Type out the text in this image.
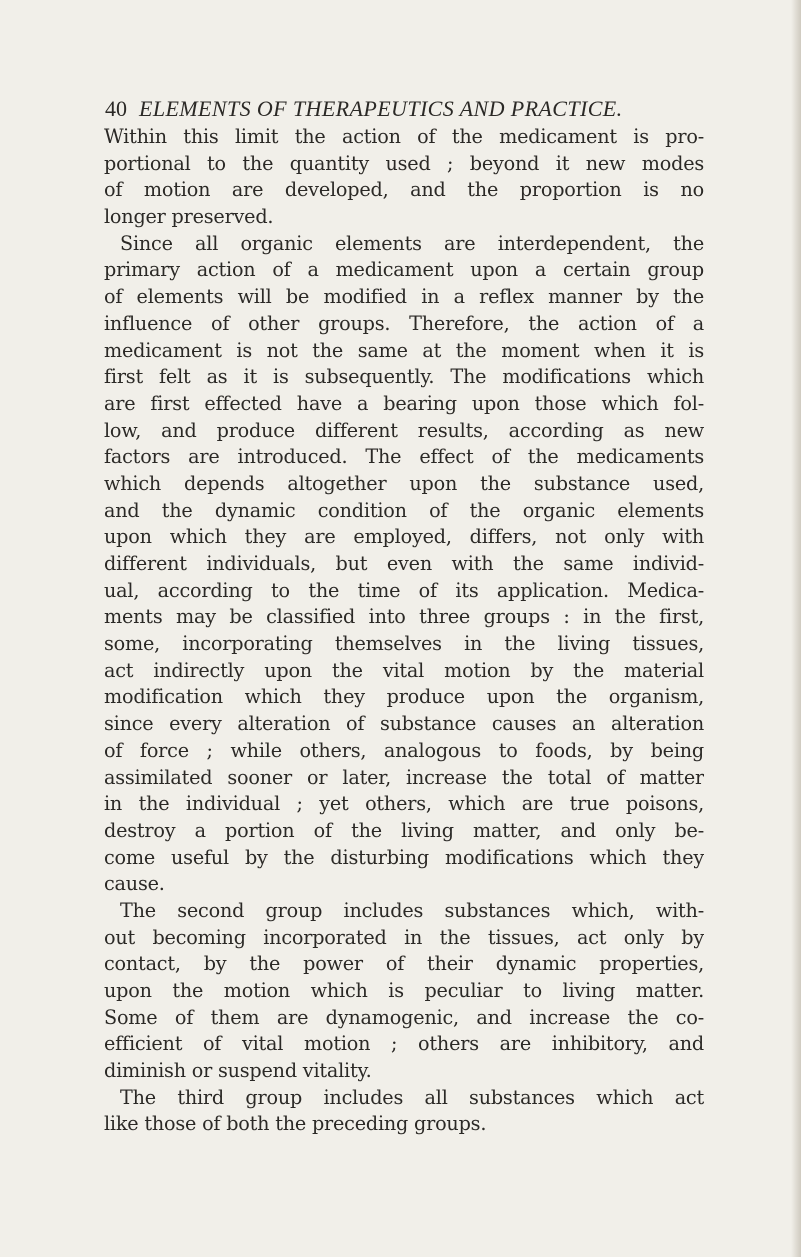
40 ELEMENTS OF THERAPEUTICS AND PRACTICE.
Within this limit the action of the medicament is pro-
portional to the quantity used ; beyond it new modes
of motion are developed, and the proportion is no
longer preserved.
Since all organic elements are interdependent, the
primary action of a medicament upon a certain group
of elements will be modified in a reflex manner by the
influence of other groups. Therefore, the action of a
medicament is not the same at the moment when it is
first felt as it is subsequently. The modifications which
are first effected have a bearing upon those which fol-
low, and produce different results, according as new
factors are introduced. The effect of the medicaments
which depends altogether upon the substance used,
and the dynamic condition of the organic elements
upon which they are employed, differs, not only with
different individuals, but even with the same individ-
ual, according to the time of its application. Medica-
ments may be classified into three groups : in the first,
some, incorporating themselves in the living tissues,
act indirectly upon the vital motion by the material
modification which they produce upon the organism,
since every alteration of substance causes an alteration
of force ; while others, analogous to foods, by being
assimilated sooner or later, increase the total of matter
in the individual ; yet others, which are true poisons,
destroy a portion of the living matter, and only be-
come useful by the disturbing modifications which they
cause.
The second group includes substances which, with-
out becoming incorporated in the tissues, act only by
contact, by the power of their dynamic properties,
upon the motion which is peculiar to living matter.
Some of them are dynamogenic, and increase the co-
efficient of vital motion ; others are inhibitory, and
diminish or suspend vitality.
The third group includes all substances which act
like those of both the preceding groups.
